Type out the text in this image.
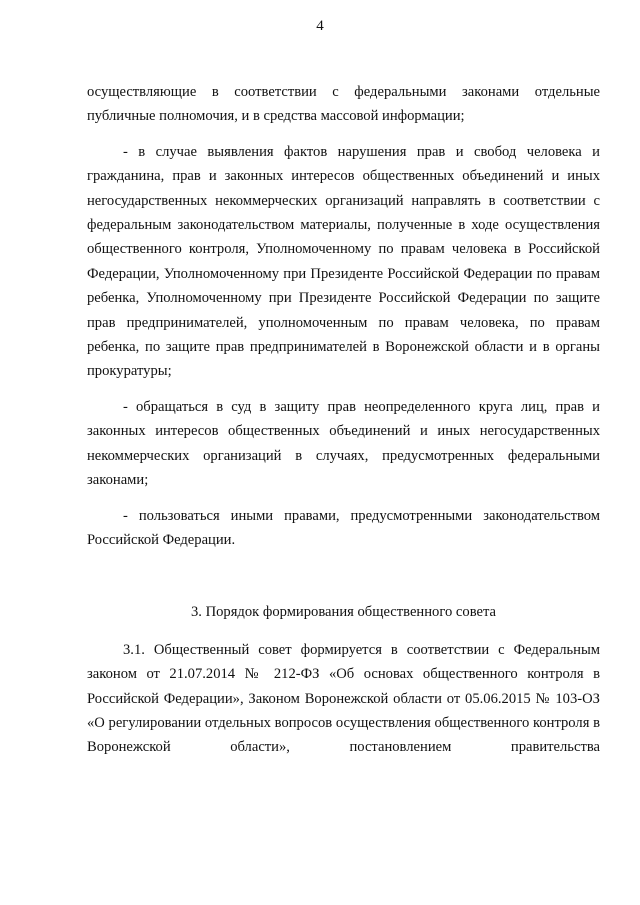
4

осуществляющие в соответствии с федеральными законами отдельные публичные полномочия, и в средства массовой информации;

- в случае выявления фактов нарушения прав и свобод человека и гражданина, прав и законных интересов общественных объединений и иных негосударственных некоммерческих организаций направлять в соответствии с федеральным законодательством материалы, полученные в ходе осуществления общественного контроля, Уполномоченному по правам человека в Российской Федерации, Уполномоченному при Президенте Российской Федерации по правам ребенка, Уполномоченному при Президенте Российской Федерации по защите прав предпринимателей, уполномоченным по правам человека, по правам ребенка, по защите прав предпринимателей в Воронежской области и в органы прокуратуры;

- обращаться в суд в защиту прав неопределенного круга лиц, прав и законных интересов общественных объединений и иных негосударственных некоммерческих организаций в случаях, предусмотренных федеральными законами;

- пользоваться иными правами, предусмотренными законодательством Российской Федерации.

3. Порядок формирования общественного совета

3.1. Общественный совет формируется в соответствии с Федеральным законом от 21.07.2014 № 212-ФЗ «Об основах общественного контроля в Российской Федерации», Законом Воронежской области от 05.06.2015 № 103-ОЗ «О регулировании отдельных вопросов осуществления общественного контроля в Воронежской области», постановлением правительства
